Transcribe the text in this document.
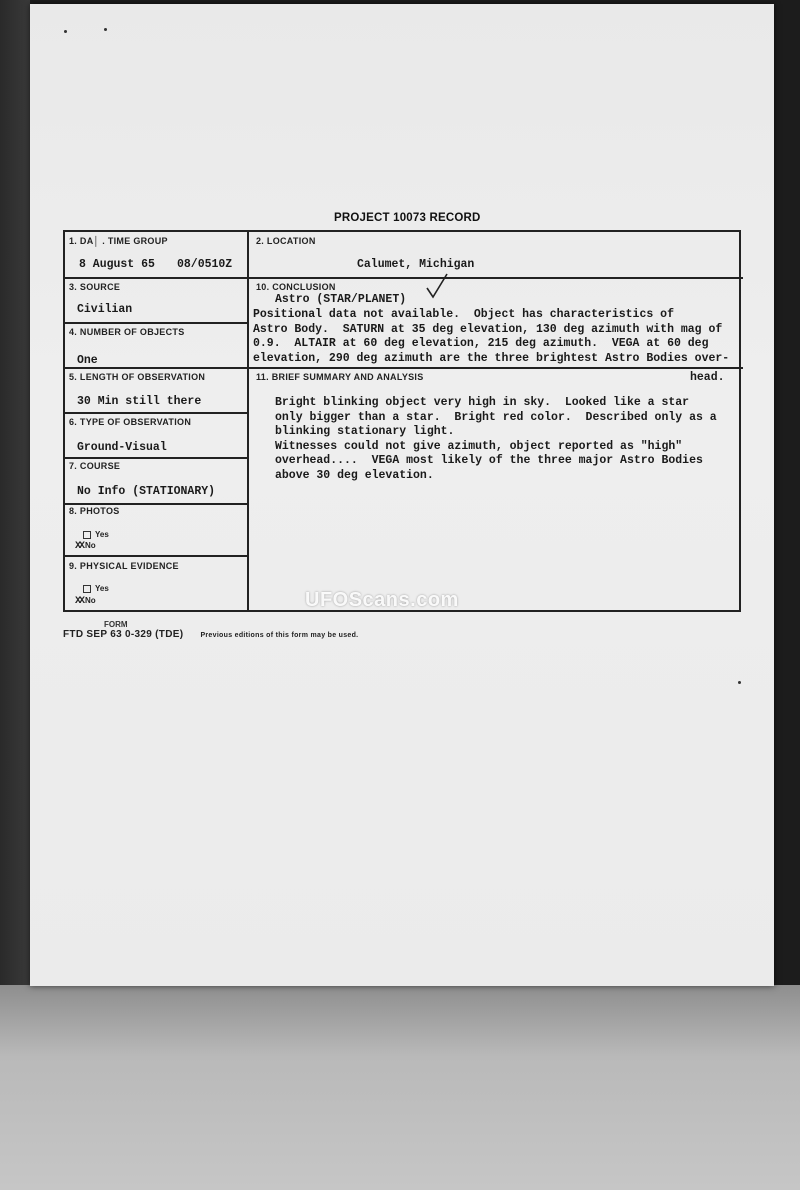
PROJECT 10073 RECORD
1. DA│ . TIME GROUP
8 August 65 08/0510Z
2. LOCATION
Calumet, Michigan
3. SOURCE
Civilian
4. NUMBER OF OBJECTS
One
10. CONCLUSION
Astro (STAR/PLANET)
Positional data not available.  Object has characteristics of
Astro Body.  SATURN at 35 deg elevation, 130 deg azimuth with mag of
0.9.  ALTAIR at 60 deg elevation, 215 deg azimuth.  VEGA at 60 deg
elevation, 290 deg azimuth are the three brightest Astro Bodies over-
5. LENGTH OF OBSERVATION
30 Min still there
11. BRIEF SUMMARY AND ANALYSIS	head.
Bright blinking object very high in sky.  Looked like a star
only bigger than a star.  Bright red color.  Described only as a
blinking stationary light.
Witnesses could not give azimuth, object reported as "high"
overhead....  VEGA most likely of the three major Astro Bodies
above 30 deg elevation.
6. TYPE OF OBSERVATION
Ground-Visual
7. COURSE
No Info (STATIONARY)
8. PHOTOS
Yes
XX No
9. PHYSICAL EVIDENCE
Yes
XX No	UFOScans.com
FORM
FTD SEP 63 0-329 (TDE) Previous editions of this form may be used.
